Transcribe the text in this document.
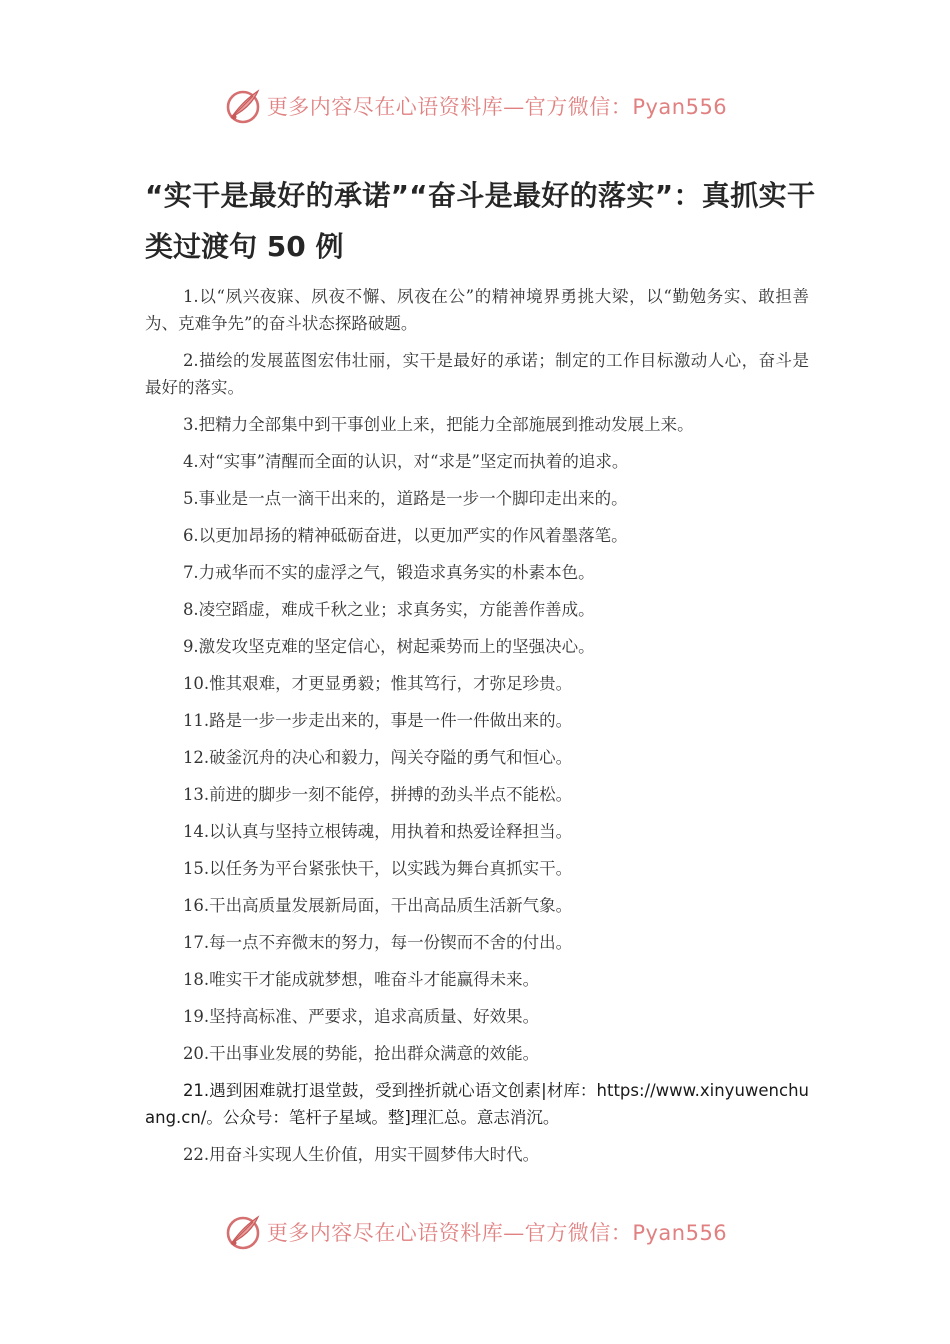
更多内容尽在心语资料库—官方微信：Pyan556
“实干是最好的承诺”“奋斗是最好的落实”：真抓实干类过渡句 50 例

1.以“夙兴夜寐、夙夜不懈、夙夜在公”的精神境界勇挑大梁，以“勤勉务实、敢担善为、克难争先”的奋斗状态探路破题。

2.描绘的发展蓝图宏伟壮丽，实干是最好的承诺；制定的工作目标激动人心，奋斗是最好的落实。

3.把精力全部集中到干事创业上来，把能力全部施展到推动发展上来。

4.对“实事”清醒而全面的认识，对“求是”坚定而执着的追求。

5.事业是一点一滴干出来的，道路是一步一个脚印走出来的。

6.以更加昂扬的精神砥砺奋进，以更加严实的作风着墨落笔。

7.力戒华而不实的虚浮之气，锻造求真务实的朴素本色。

8.凌空蹈虚，难成千秋之业；求真务实，方能善作善成。

9.激发攻坚克难的坚定信心，树起乘势而上的坚强决心。

10.惟其艰难，才更显勇毅；惟其笃行，才弥足珍贵。

11.路是一步一步走出来的，事是一件一件做出来的。

12.破釜沉舟的决心和毅力，闯关夺隘的勇气和恒心。

13.前进的脚步一刻不能停，拼搏的劲头半点不能松。

14.以认真与坚持立根铸魂，用执着和热爱诠释担当。

15.以任务为平台紧张快干，以实践为舞台真抓实干。

16.干出高质量发展新局面，干出高品质生活新气象。

17.每一点不弃微末的努力，每一份锲而不舍的付出。

18.唯实干才能成就梦想，唯奋斗才能赢得未来。

19.坚持高标准、严要求，追求高质量、好效果。

20.干出事业发展的势能，抢出群众满意的效能。

21.遇到困难就打退堂鼓，受到挫折就心语文创素|材库：https://www.xinyuwenchuang.cn/。公众号：笔杆子星域。整]理汇总。意志消沉。

22.用奋斗实现人生价值，用实干圆梦伟大时代。

更多内容尽在心语资料库—官方微信：Pyan556
